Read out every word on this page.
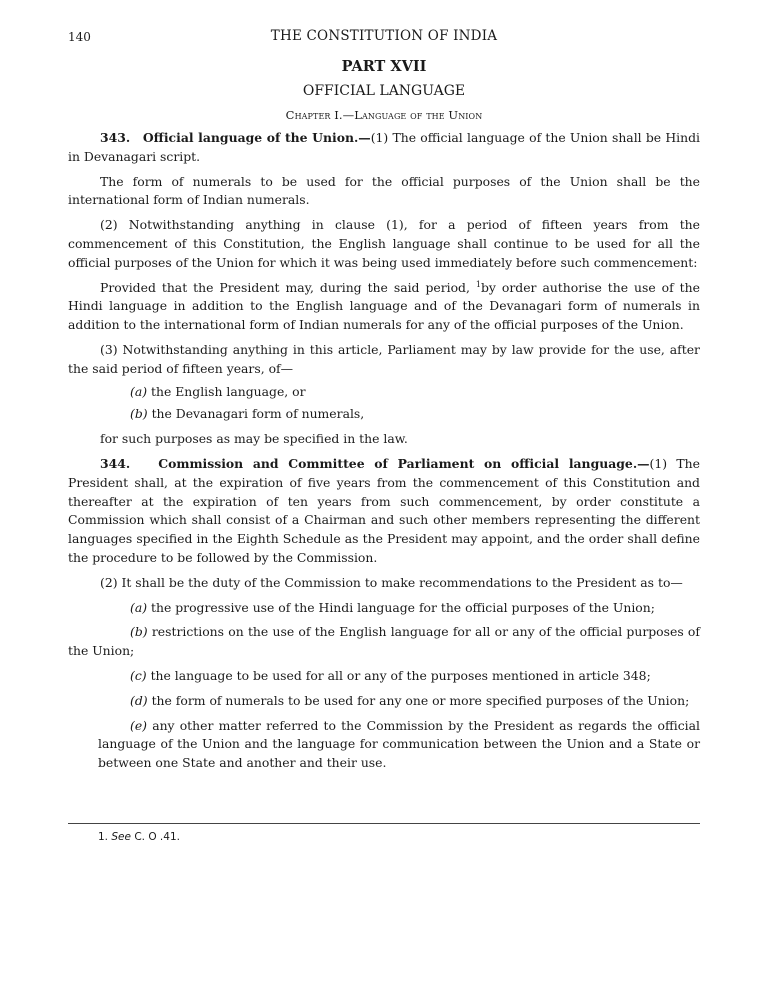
140	THE CONSTITUTION OF INDIA
PART XVII
OFFICIAL LANGUAGE
Chapter I.—Language of the Union

343. Official language of the Union.—(1) The official language of the Union shall be Hindi in Devanagari script.

The form of numerals to be used for the official purposes of the Union shall be the international form of Indian numerals.

(2) Notwithstanding anything in clause (1), for a period of fifteen years from the commencement of this Constitution, the English language shall continue to be used for all the official purposes of the Union for which it was being used immediately before such commencement:

Provided that the President may, during the said period, $^1$by order authorise the use of the Hindi language in addition to the English language and of the Devanagari form of numerals in addition to the international form of Indian numerals for any of the official purposes of the Union.

(3) Notwithstanding anything in this article, Parliament may by law provide for the use, after the said period of fifteen years, of—

(a) the English language, or

(b) the Devanagari form of numerals,

for such purposes as may be specified in the law.

344. Commission and Committee of Parliament on official language.—(1) The President shall, at the expiration of five years from the commencement of this Constitution and thereafter at the expiration of ten years from such commencement, by order constitute a Commission which shall consist of a Chairman and such other members representing the different languages specified in the Eighth Schedule as the President may appoint, and the order shall define the procedure to be followed by the Commission.

(2) It shall be the duty of the Commission to make recommendations to the President as to—

(a) the progressive use of the Hindi language for the official purposes of the Union;

(b) restrictions on the use of the English language for all or any of the official purposes of the Union;

(c) the language to be used for all or any of the purposes mentioned in article 348;

(d) the form of numerals to be used for any one or more specified purposes of the Union;

(e) any other matter referred to the Commission by the President as regards the official language of the Union and the language for communication between the Union and a State or between one State and another and their use.

1. See C. O .41.
